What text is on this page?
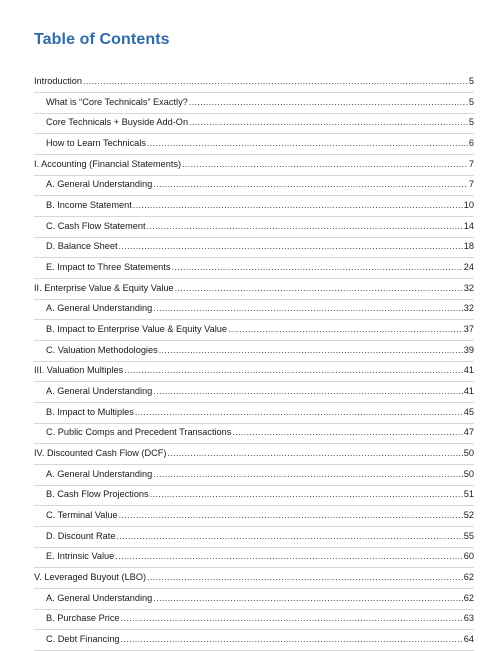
Table of Contents
Introduction .....	5
What is “Core Technicals” Exactly? .....	5
Core Technicals + Buyside Add-On .....	5
How to Learn Technicals .....	6
I. Accounting (Financial Statements) .....	7
A. General Understanding .....	7
B. Income Statement .....	10
C. Cash Flow Statement .....	14
D. Balance Sheet .....	18
E. Impact to Three Statements .....	24
II. Enterprise Value & Equity Value .....	32
A. General Understanding .....	32
B. Impact to Enterprise Value & Equity Value .....	37
C. Valuation Methodologies .....	39
III. Valuation Multiples .....	41
A. General Understanding .....	41
B. Impact to Multiples .....	45
C. Public Comps and Precedent Transactions .....	47
IV. Discounted Cash Flow (DCF) .....	50
A. General Understanding .....	50
B. Cash Flow Projections .....	51
C. Terminal Value .....	52
D. Discount Rate .....	55
E. Intrinsic Value .....	60
V. Leveraged Buyout (LBO) .....	62
A. General Understanding .....	62
B. Purchase Price .....	63
C. Debt Financing .....	64
